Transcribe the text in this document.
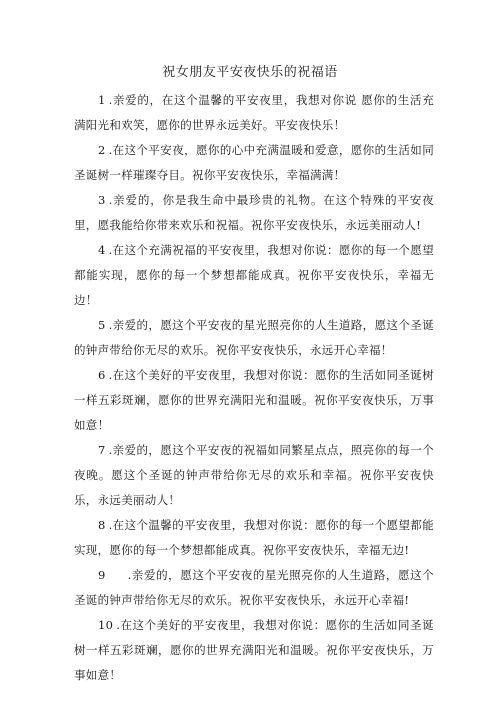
祝女朋友平安夜快乐的祝福语

1 .亲爱的，在这个温馨的平安夜里，我想对你说 愿你的生活充满阳光和欢笑，愿你的世界永远美好。平安夜快乐！

2 .在这个平安夜，愿你的心中充满温暖和爱意，愿你的生活如同圣诞树一样璀璨夺目。祝你平安夜快乐，幸福满满！

3 .亲爱的，你是我生命中最珍贵的礼物。在这个特殊的平安夜里，愿我能给你带来欢乐和祝福。祝你平安夜快乐，永远美丽动人!

4 .在这个充满祝福的平安夜里，我想对你说：愿你的每一个愿望都能实现，愿你的每一个梦想都能成真。祝你平安夜快乐，幸福无边！

5 .亲爱的，愿这个平安夜的星光照亮你的人生道路，愿这个圣诞的钟声带给你无尽的欢乐。祝你平安夜快乐，永远开心幸福！

6 .在这个美好的平安夜里，我想对你说：愿你的生活如同圣诞树一样五彩斑斓，愿你的世界充满阳光和温暖。祝你平安夜快乐，万事如意！

7 .亲爱的，愿这个平安夜的祝福如同繁星点点，照亮你的每一个夜晚。愿这个圣诞的钟声带给你无尽的欢乐和幸福。祝你平安夜快乐，永远美丽动人！

8 .在这个温馨的平安夜里，我想对你说：愿你的每一个愿望都能实现，愿你的每一个梦想都能成真。祝你平安夜快乐，幸福无边!

9 .亲爱的，愿这个平安夜的星光照亮你的人生道路，愿这个圣诞的钟声带给你无尽的欢乐。祝你平安夜快乐，永远开心幸福!

10 .在这个美好的平安夜里，我想对你说：愿你的生活如同圣诞树一样五彩斑斓，愿你的世界充满阳光和温暖。祝你平安夜快乐，万事如意！
